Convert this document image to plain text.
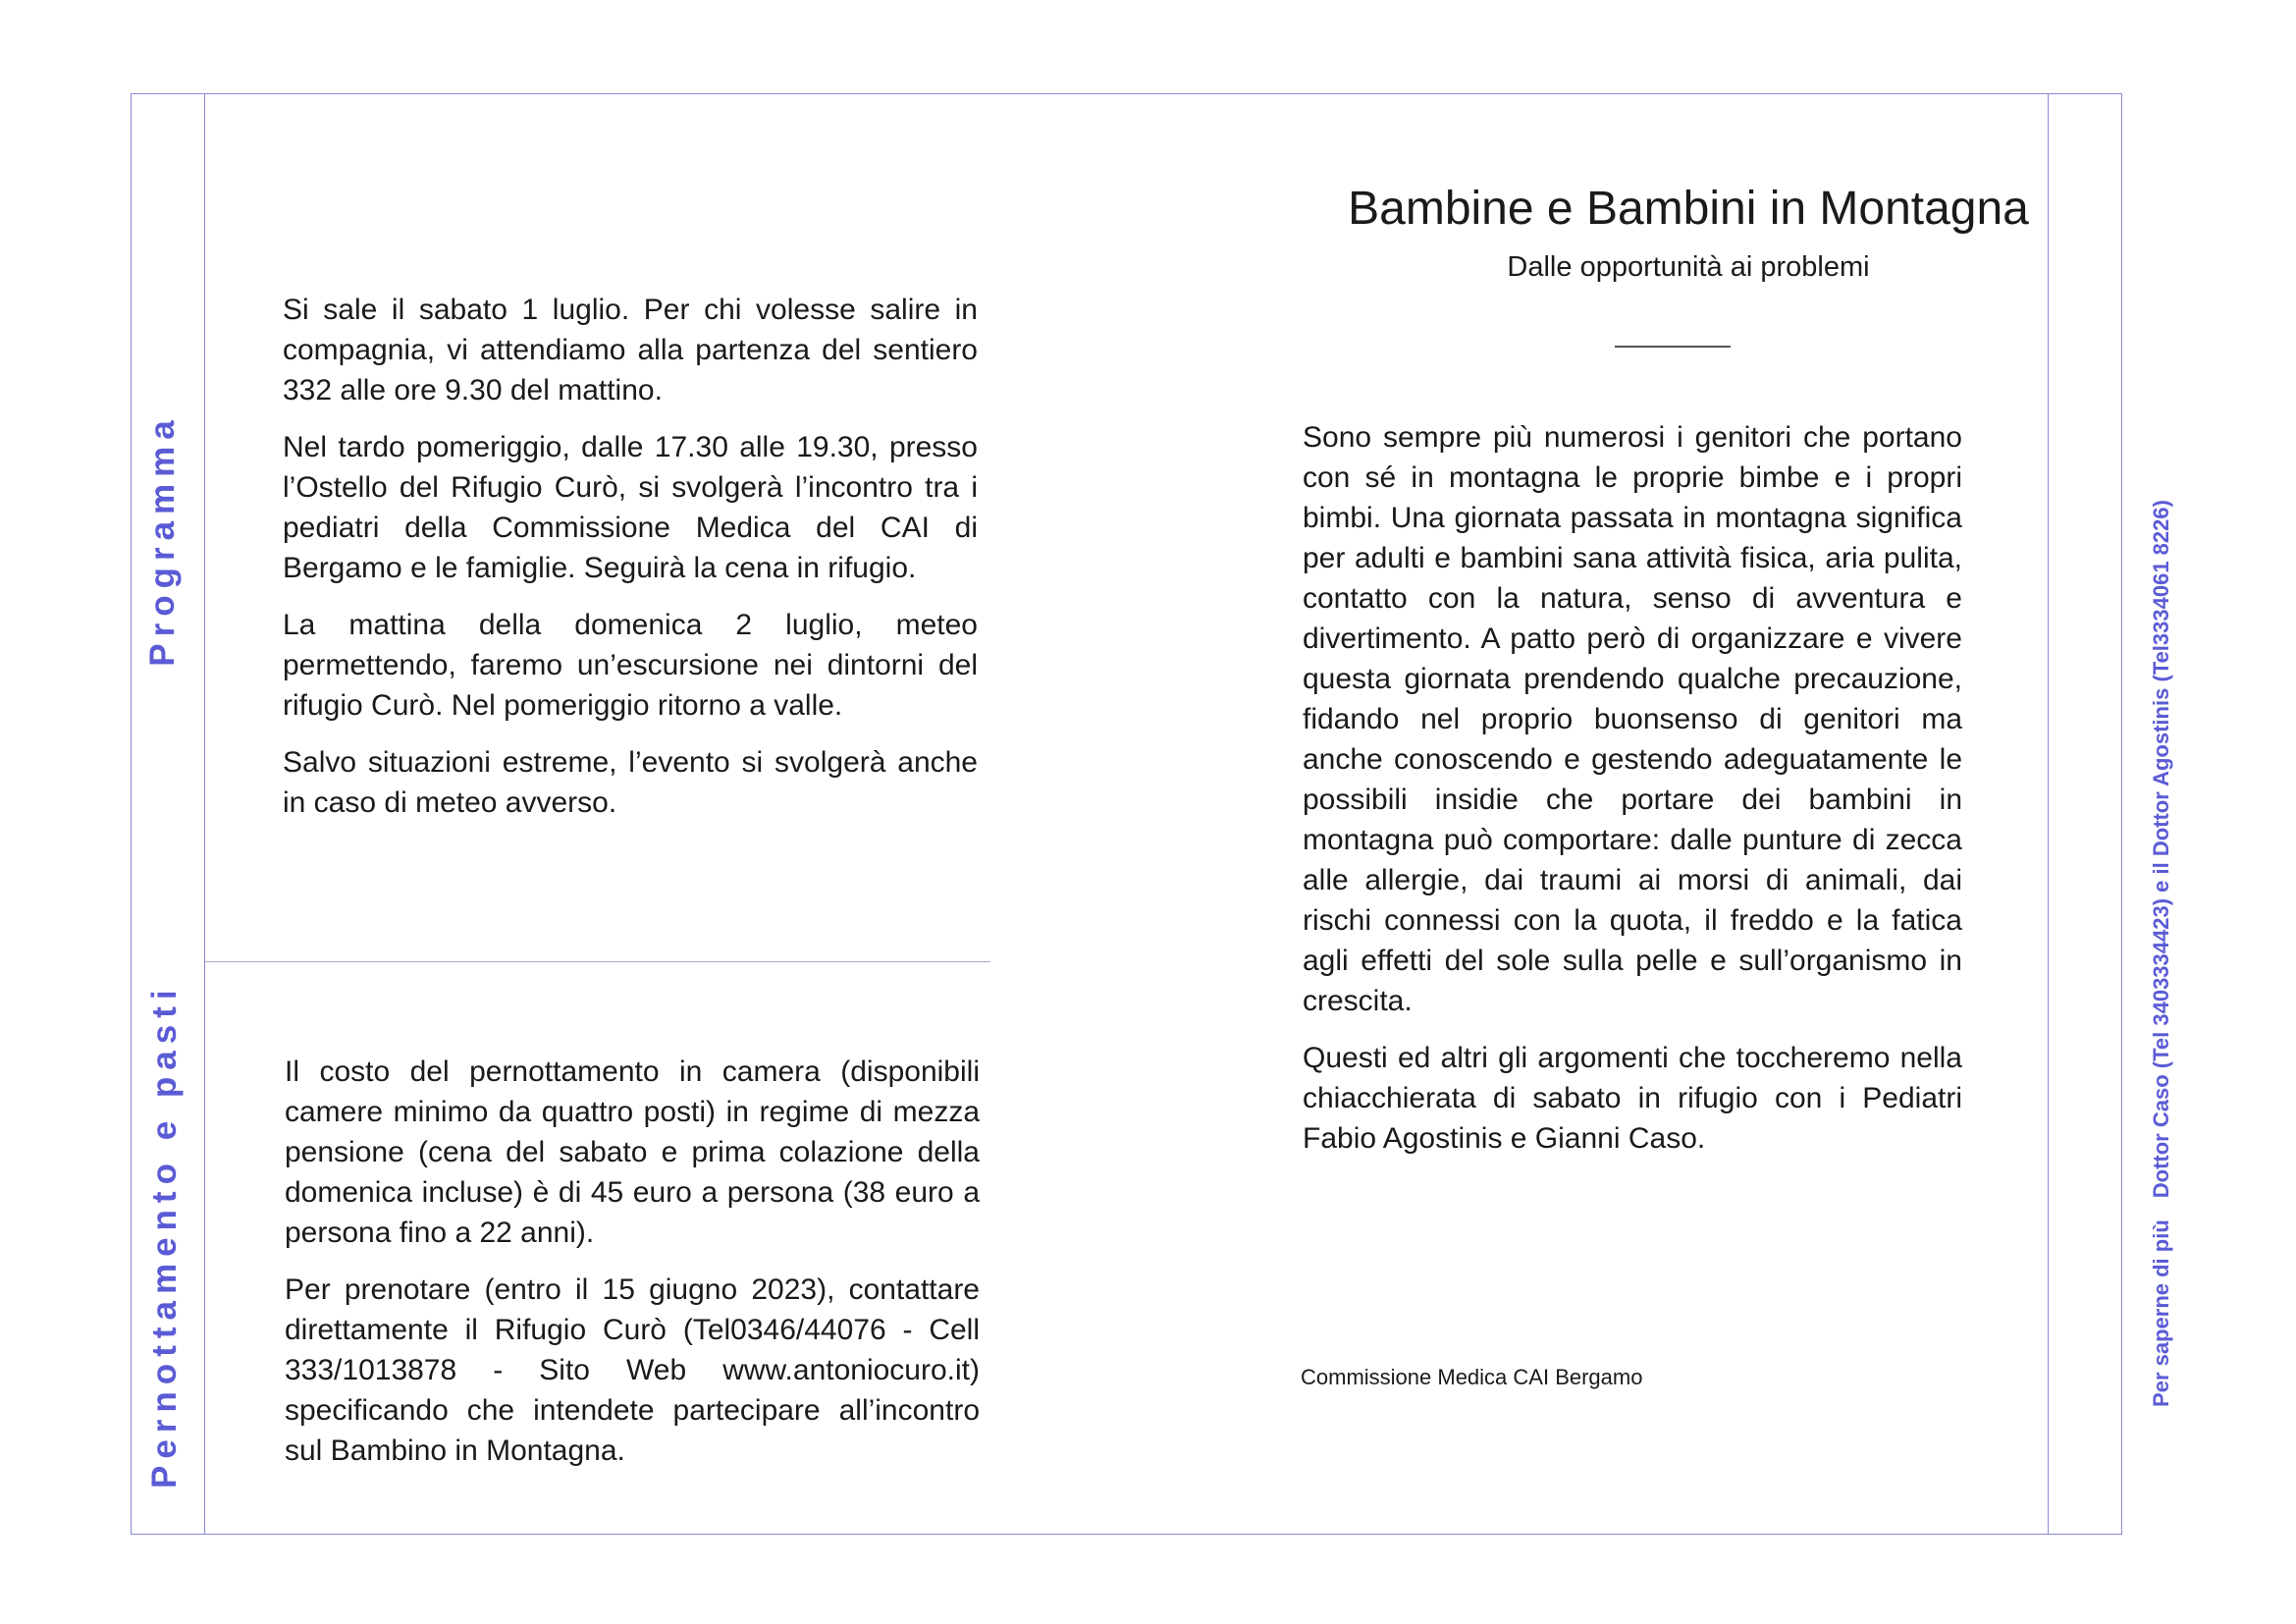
Programma
Pernottamento e pasti	Per saperne di piùDottor Caso (Tel 3403334423) e il Dottor Agostinis (Tel3334061 8226)

Si sale il sabato 1 luglio. Per chi volesse salire in compagnia, vi attendiamo alla partenza del sentiero 332 alle ore 9.30 del mattino.

Nel tardo pomeriggio, dalle 17.30 alle 19.30, presso l’Ostello del Rifugio Curò, si svolgerà l’incontro tra i pediatri della Commissione Medica del CAI di Bergamo e le famiglie. Seguirà la cena in rifugio.

La mattina della domenica 2 luglio, meteo permettendo, faremo un’escursione nei dintorni del rifugio Curò. Nel pomeriggio ritorno a valle.

Salvo situazioni estreme, l’evento si svolgerà anche in caso di meteo avverso.

Il costo del pernottamento in camera (disponibili camere minimo da quattro posti) in regime di mezza pensione (cena del sabato e prima colazione della domenica incluse) è di 45 euro a persona (38 euro a persona fino a 22 anni).

Per prenotare (entro il 15 giugno 2023), contattare direttamente il Rifugio Curò (Tel0346/44076 - Cell 333/1013878 - Sito Web www.antoniocuro.it) specificando che intendete partecipare all’incontro sul Bambino in Montagna.

Bambine e Bambini in Montagna
Dalle opportunità ai problemi

Sono sempre più numerosi i genitori che portano con sé in montagna le proprie bimbe e i propri bimbi. Una giornata passata in montagna significa per adulti e bambini sana attività fisica, aria pulita, contatto con la natura, senso di avventura e divertimento. A patto però di organizzare e vivere questa giornata prendendo qualche precauzione, fidando nel proprio buonsenso di genitori ma anche conoscendo e gestendo adeguatamente le possibili insidie che portare dei bambini in montagna può comportare: dalle punture di zecca alle allergie, dai traumi ai morsi di animali, dai rischi connessi con la quota, il freddo e la fatica agli effetti del sole sulla pelle e sull’organismo in crescita.

Questi ed altri gli argomenti che toccheremo nella chiacchierata di sabato in rifugio con i Pediatri Fabio Agostinis e Gianni Caso.

Commissione Medica CAI Bergamo
